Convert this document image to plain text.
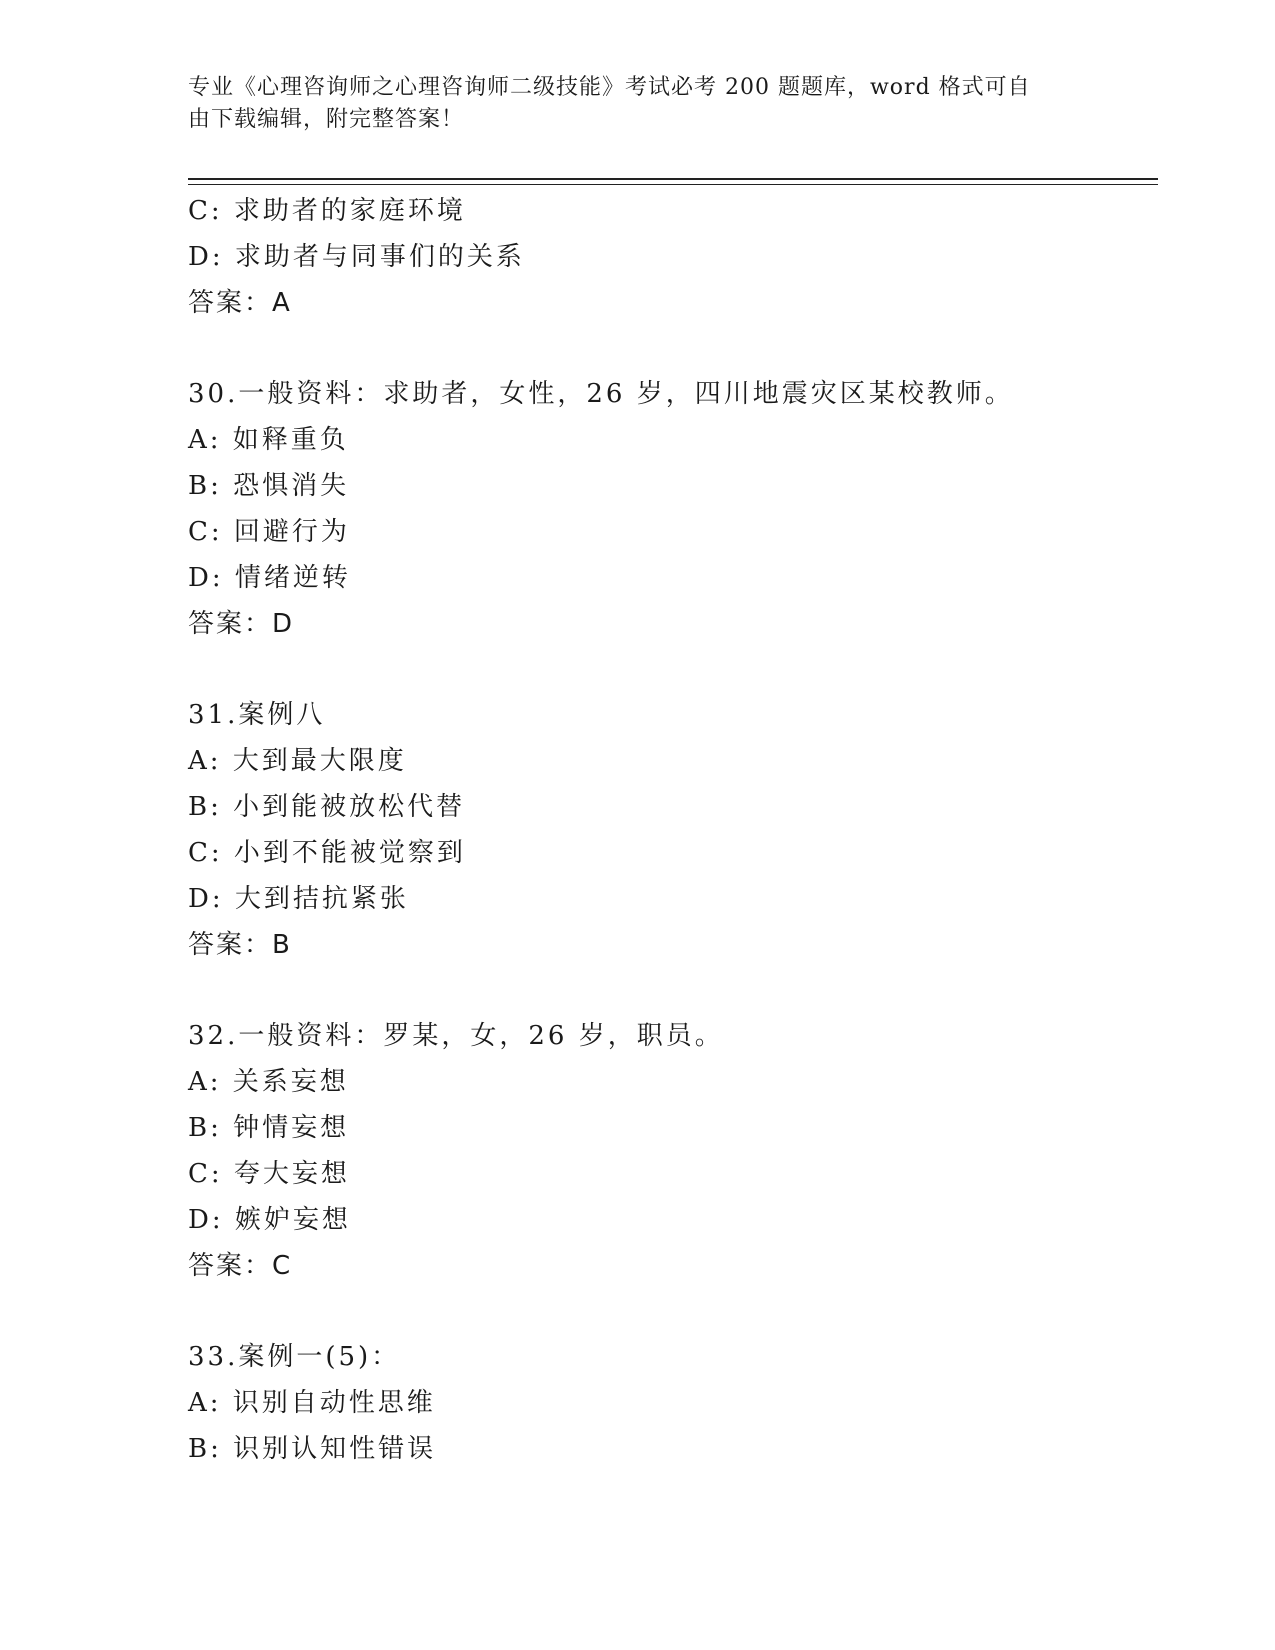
专业《心理咨询师之心理咨询师二级技能》考试必考 200 题题库，word 格式可自
由下载编辑，附完整答案！
C: 求助者的家庭环境
D: 求助者与同事们的关系
答案：A
30.一般资料：求助者，女性，26 岁，四川地震灾区某校教师。
A: 如释重负
B: 恐惧消失
C: 回避行为
D: 情绪逆转
答案：D
31.案例八
A: 大到最大限度
B: 小到能被放松代替
C: 小到不能被觉察到
D: 大到拮抗紧张
答案：B
32.一般资料：罗某，女，26 岁，职员。
A: 关系妄想
B: 钟情妄想
C: 夸大妄想
D: 嫉妒妄想
答案：C
33.案例一(5)：
A: 识别自动性思维
B: 识别认知性错误
